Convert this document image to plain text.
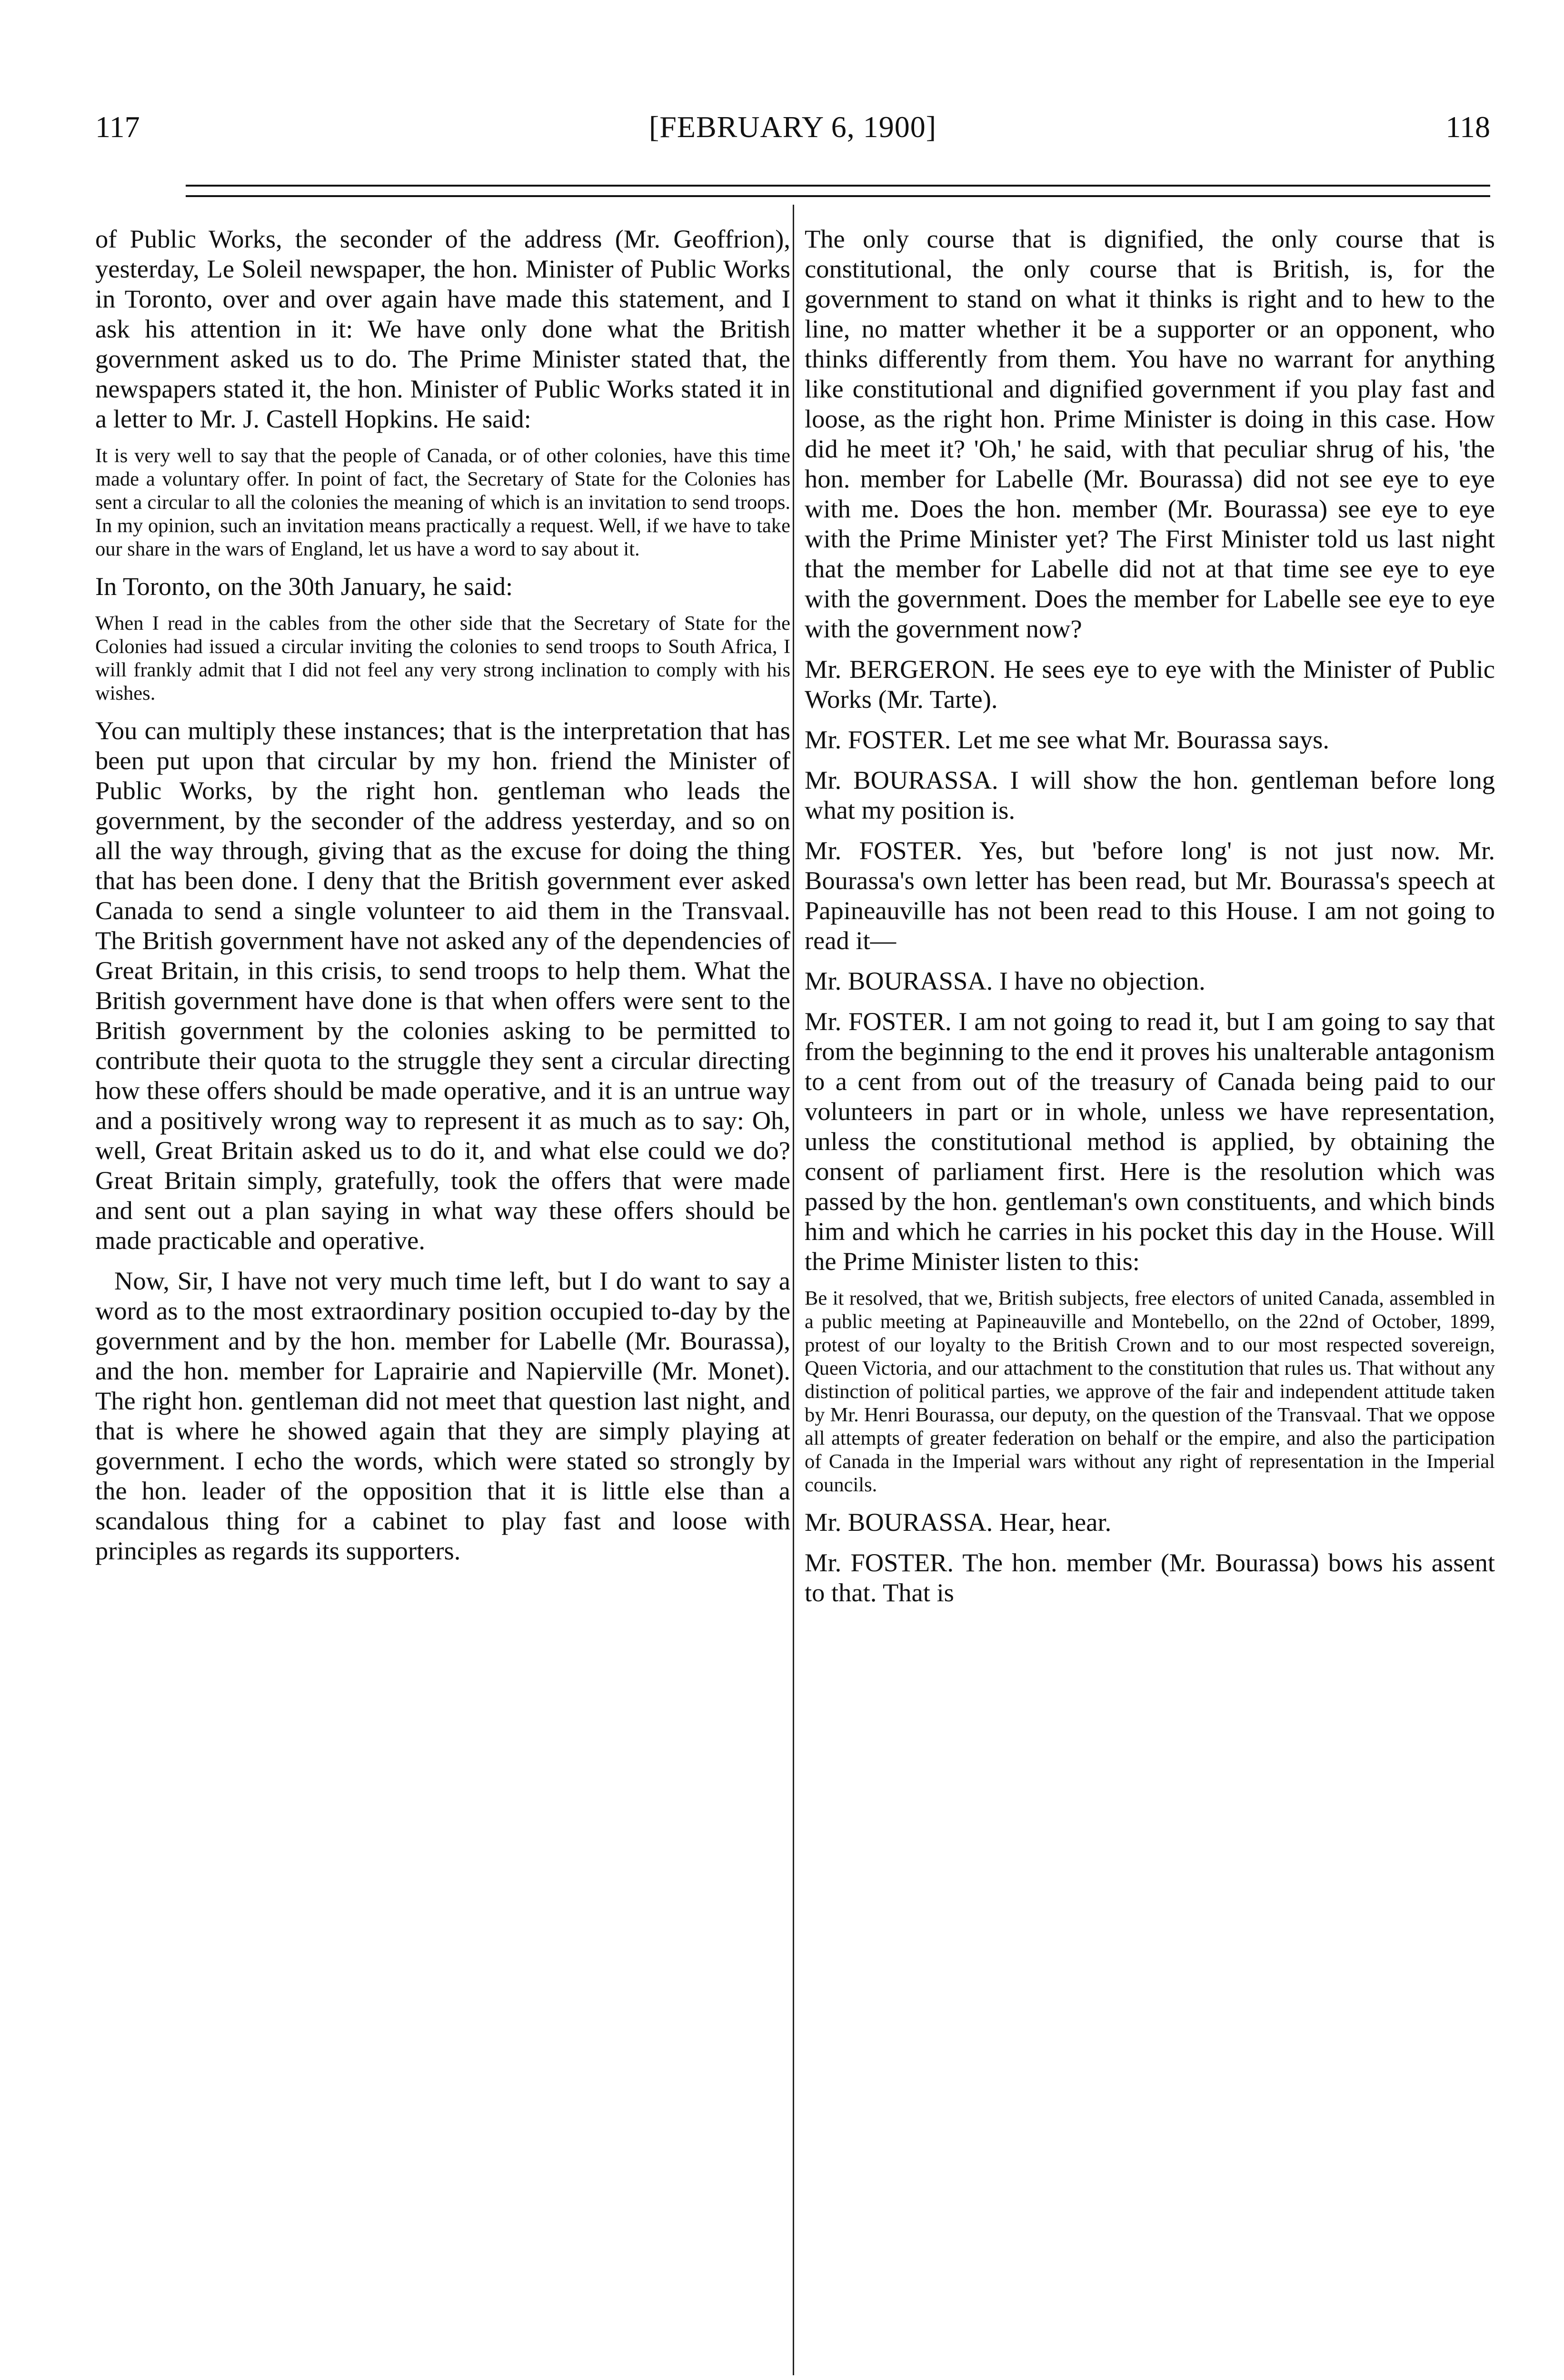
117	[FEBRUARY 6, 1900]	118

of Public Works, the seconder of the address (Mr. Geoffrion), yesterday, Le Soleil newspaper, the hon. Minister of Public Works in Toronto, over and over again have made this statement, and I ask his attention in it: We have only done what the British government asked us to do. The Prime Minister stated that, the newspapers stated it, the hon. Minister of Public Works stated it in a letter to Mr. J. Castell Hopkins. He said:

It is very well to say that the people of Canada, or of other colonies, have this time made a voluntary offer. In point of fact, the Secretary of State for the Colonies has sent a circular to all the colonies the meaning of which is an invitation to send troops. In my opinion, such an invitation means practically a request. Well, if we have to take our share in the wars of England, let us have a word to say about it.

In Toronto, on the 30th January, he said:

When I read in the cables from the other side that the Secretary of State for the Colonies had issued a circular inviting the colonies to send troops to South Africa, I will frankly admit that I did not feel any very strong inclination to comply with his wishes.

You can multiply these instances; that is the interpretation that has been put upon that circular by my hon. friend the Minister of Public Works, by the right hon. gentleman who leads the government, by the seconder of the address yesterday, and so on all the way through, giving that as the excuse for doing the thing that has been done. I deny that the British government ever asked Canada to send a single volunteer to aid them in the Transvaal. The British government have not asked any of the dependencies of Great Britain, in this crisis, to send troops to help them. What the British government have done is that when offers were sent to the British government by the colonies asking to be permitted to contribute their quota to the struggle they sent a circular directing how these offers should be made operative, and it is an untrue way and a positively wrong way to represent it as much as to say: Oh, well, Great Britain asked us to do it, and what else could we do? Great Britain simply, gratefully, took the offers that were made and sent out a plan saying in what way these offers should be made practicable and operative.

Now, Sir, I have not very much time left, but I do want to say a word as to the most extraordinary position occupied to-day by the government and by the hon. member for Labelle (Mr. Bourassa), and the hon. member for Laprairie and Napierville (Mr. Monet). The right hon. gentleman did not meet that question last night, and that is where he showed again that they are simply playing at government. I echo the words, which were stated so strongly by the hon. leader of the opposition that it is little else than a scandalous thing for a cabinet to play fast and loose with principles as regards its supporters.

The only course that is dignified, the only course that is constitutional, the only course that is British, is, for the government to stand on what it thinks is right and to hew to the line, no matter whether it be a supporter or an opponent, who thinks differently from them. You have no warrant for anything like constitutional and dignified government if you play fast and loose, as the right hon. Prime Minister is doing in this case. How did he meet it? 'Oh,' he said, with that peculiar shrug of his, 'the hon. member for Labelle (Mr. Bourassa) did not see eye to eye with me. Does the hon. member (Mr. Bourassa) see eye to eye with the Prime Minister yet? The First Minister told us last night that the member for Labelle did not at that time see eye to eye with the government. Does the member for Labelle see eye to eye with the government now?

Mr. BERGERON. He sees eye to eye with the Minister of Public Works (Mr. Tarte).

Mr. FOSTER. Let me see what Mr. Bourassa says.

Mr. BOURASSA. I will show the hon. gentleman before long what my position is.

Mr. FOSTER. Yes, but 'before long' is not just now. Mr. Bourassa's own letter has been read, but Mr. Bourassa's speech at Papineauville has not been read to this House. I am not going to read it—

Mr. BOURASSA. I have no objection.

Mr. FOSTER. I am not going to read it, but I am going to say that from the beginning to the end it proves his unalterable antagonism to a cent from out of the treasury of Canada being paid to our volunteers in part or in whole, unless we have representation, unless the constitutional method is applied, by obtaining the consent of parliament first. Here is the resolution which was passed by the hon. gentleman's own constituents, and which binds him and which he carries in his pocket this day in the House. Will the Prime Minister listen to this:

Be it resolved, that we, British subjects, free electors of united Canada, assembled in a public meeting at Papineauville and Montebello, on the 22nd of October, 1899, protest of our loyalty to the British Crown and to our most respected sovereign, Queen Victoria, and our attachment to the constitution that rules us. That without any distinction of political parties, we approve of the fair and independent attitude taken by Mr. Henri Bourassa, our deputy, on the question of the Transvaal. That we oppose all attempts of greater federation on behalf or the empire, and also the participation of Canada in the Imperial wars without any right of representation in the Imperial councils.

Mr. BOURASSA. Hear, hear.

Mr. FOSTER. The hon. member (Mr. Bourassa) bows his assent to that. That is
